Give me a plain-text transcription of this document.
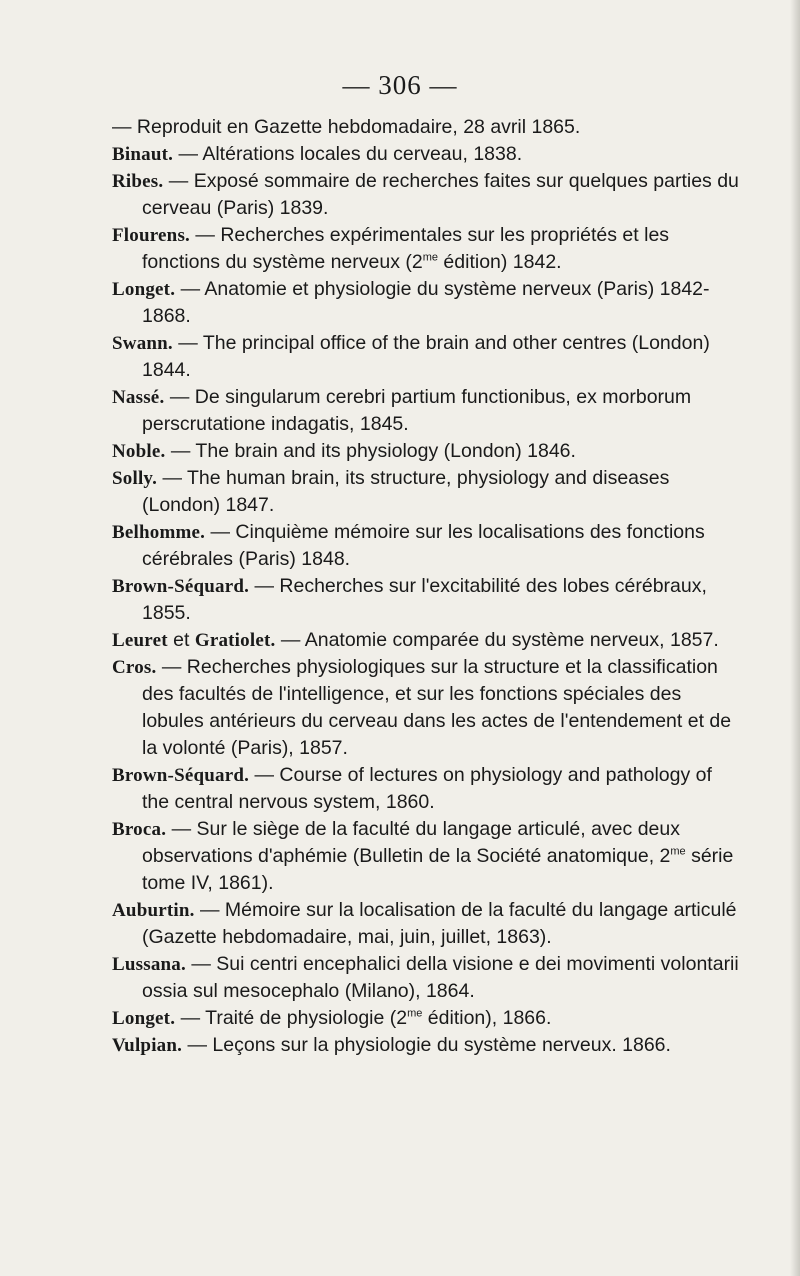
— 306 —

— Reproduit en Gazette hebdomadaire, 28 avril 1865.

Binaut. — Altérations locales du cerveau, 1838.

Ribes. — Exposé sommaire de recherches faites sur quelques parties du cerveau (Paris) 1839.

Flourens. — Recherches expérimentales sur les propriétés et les fonctions du système nerveux ($2^{me}$ édition) 1842.

Longet. — Anatomie et physiologie du système nerveux (Paris) 1842-1868.

Swann. — The principal office of the brain and other centres (London) 1844.

Nassé. — De singularum cerebri partium functionibus, ex morborum perscrutatione indagatis, 1845.

Noble. — The brain and its physiology (London) 1846.

Solly. — The human brain, its structure, physiology and diseases (London) 1847.

Belhomme. — Cinquième mémoire sur les localisations des fonctions cérébrales (Paris) 1848.

Brown-Séquard. — Recherches sur l'excitabilité des lobes cérébraux, 1855.

Leuret et Gratiolet. — Anatomie comparée du système nerveux, 1857.

Cros. — Recherches physiologiques sur la structure et la classification des facultés de l'intelligence, et sur les fonctions spéciales des lobules antérieurs du cerveau dans les actes de l'entendement et de la volonté (Paris), 1857.

Brown-Séquard. — Course of lectures on physiology and pathology of the central nervous system, 1860.

Broca. — Sur le siège de la faculté du langage articulé, avec deux observations d'aphémie (Bulletin de la Société anatomique, $2^{me}$ série tome IV, 1861).

Auburtin. — Mémoire sur la localisation de la faculté du langage articulé (Gazette hebdomadaire, mai, juin, juillet, 1863).

Lussana. — Sui centri encephalici della visione e dei movimenti volontarii ossia sul mesocephalo (Milano), 1864.

Longet. — Traité de physiologie ($2^{me}$ édition), 1866.

Vulpian. — Leçons sur la physiologie du système nerveux. 1866.
